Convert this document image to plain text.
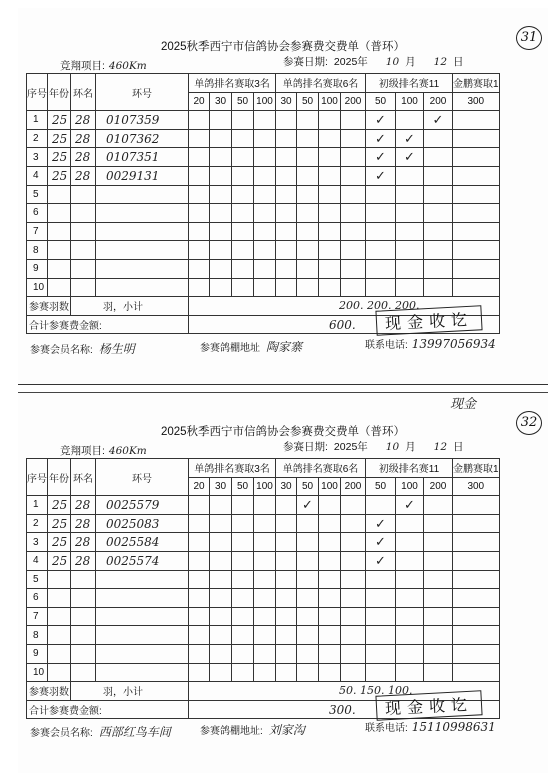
2025秋季西宁市信鸽协会参赛费交费单（普环）
31
竞翔项目: 460Km	参赛日期: 2025年 10 月 12 日
序号	年份	环名	环号	单鸽排名赛取3名				单鸽排名赛取6名				初级排名赛11			金鹏赛取1
				20	30	50	100	30	50	100	200	50	100	200	300
1	25	28	0107359									✓		✓	
2	25	28	0107362									✓	✓		
3	25	28	0107351									✓	✓		
4	25	28	0029131									✓			
5															
6															
7															
8															
9															
10															
参赛羽数		羽，小计		200. 200. 200.											
合计参赛费金额:				600.												现金收讫
参赛会员名称: 杨生明	参赛鸽棚地址 陶家寨	联系电话: 13997056934
2025秋季西宁市信鸽协会参赛费交费单（普环）
32
现金
竞翔项目: 460Km	参赛日期: 2025年 10 月 12 日
序号	年份	环名	环号	单鸽排名赛取3名				单鸽排名赛取6名				初级排名赛11			金鹏赛取1
				20	30	50	100	30	50	100	200	50	100	200	300
1	25	28	0025579						✓				✓		
2	25	28	0025083									✓			
3	25	28	0025584									✓			
4	25	28	0025574									✓			
5															
6															
7															
8															
9															
10															
参赛羽数		羽，小计		50. 150. 100.											
合计参赛费金额:				300.												现金收讫
参赛会员名称: 西部红鸟车间	参赛鸽棚地址: 刘家沟	联系电话: 15110998631
